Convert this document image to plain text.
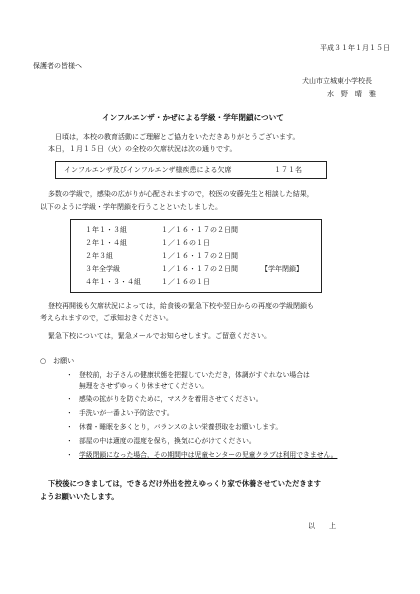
平成３１年１月１５日
保護者の皆様へ
犬山市立城東小学校長
水　野　晴　雅
インフルエンザ・かぜによる学級・学年閉鎖について
日頃は，本校の教育活動にご理解とご協力をいただきありがとうございます。
本日，１月１５日（火）の全校の欠席状況は次の通りです。
インフルエンザ及びインフルエンザ様疾患による欠席	１７１名
多数の学級で，感染の広がりが心配されますので，校医の安藤先生と相談した結果，
以下のように学級・学年閉鎖を行うことといたしました。
１年１・３組	１／１６・１７の２日間
２年１・４組	１／１６の１日
２年３組	１／１６・１７の２日間
３年全学級	１／１６・１７の２日間	【学年閉鎖】
４年１・３・４組	１／１６の１日
登校再開後も欠席状況によっては，給食後の緊急下校や翌日からの再度の学級閉鎖も
考えられますので，ご承知おきください。
緊急下校については，緊急メールでお知らせします。ご留意ください。
○　お願い
・ 登校前，お子さんの健康状態を把握していただき，体調がすぐれない場合は
無理をさせずゆっくり休ませてください。
・ 感染の拡がりを防ぐために，マスクを着用させてください。
・ 手洗いが一番よい予防法です。
・ 休養・睡眠を多くとり，バランスのよい栄養摂取をお願いします。
・ 部屋の中は適度の湿度を保ち，換気に心がけてください。
・ 学級閉鎖になった場合，その期間中は児童センターの児童クラブは利用できません。
下校後につきましては，できるだけ外出を控えゆっくり家で休養させていただきます
ようお願いいたします。
以　　上
